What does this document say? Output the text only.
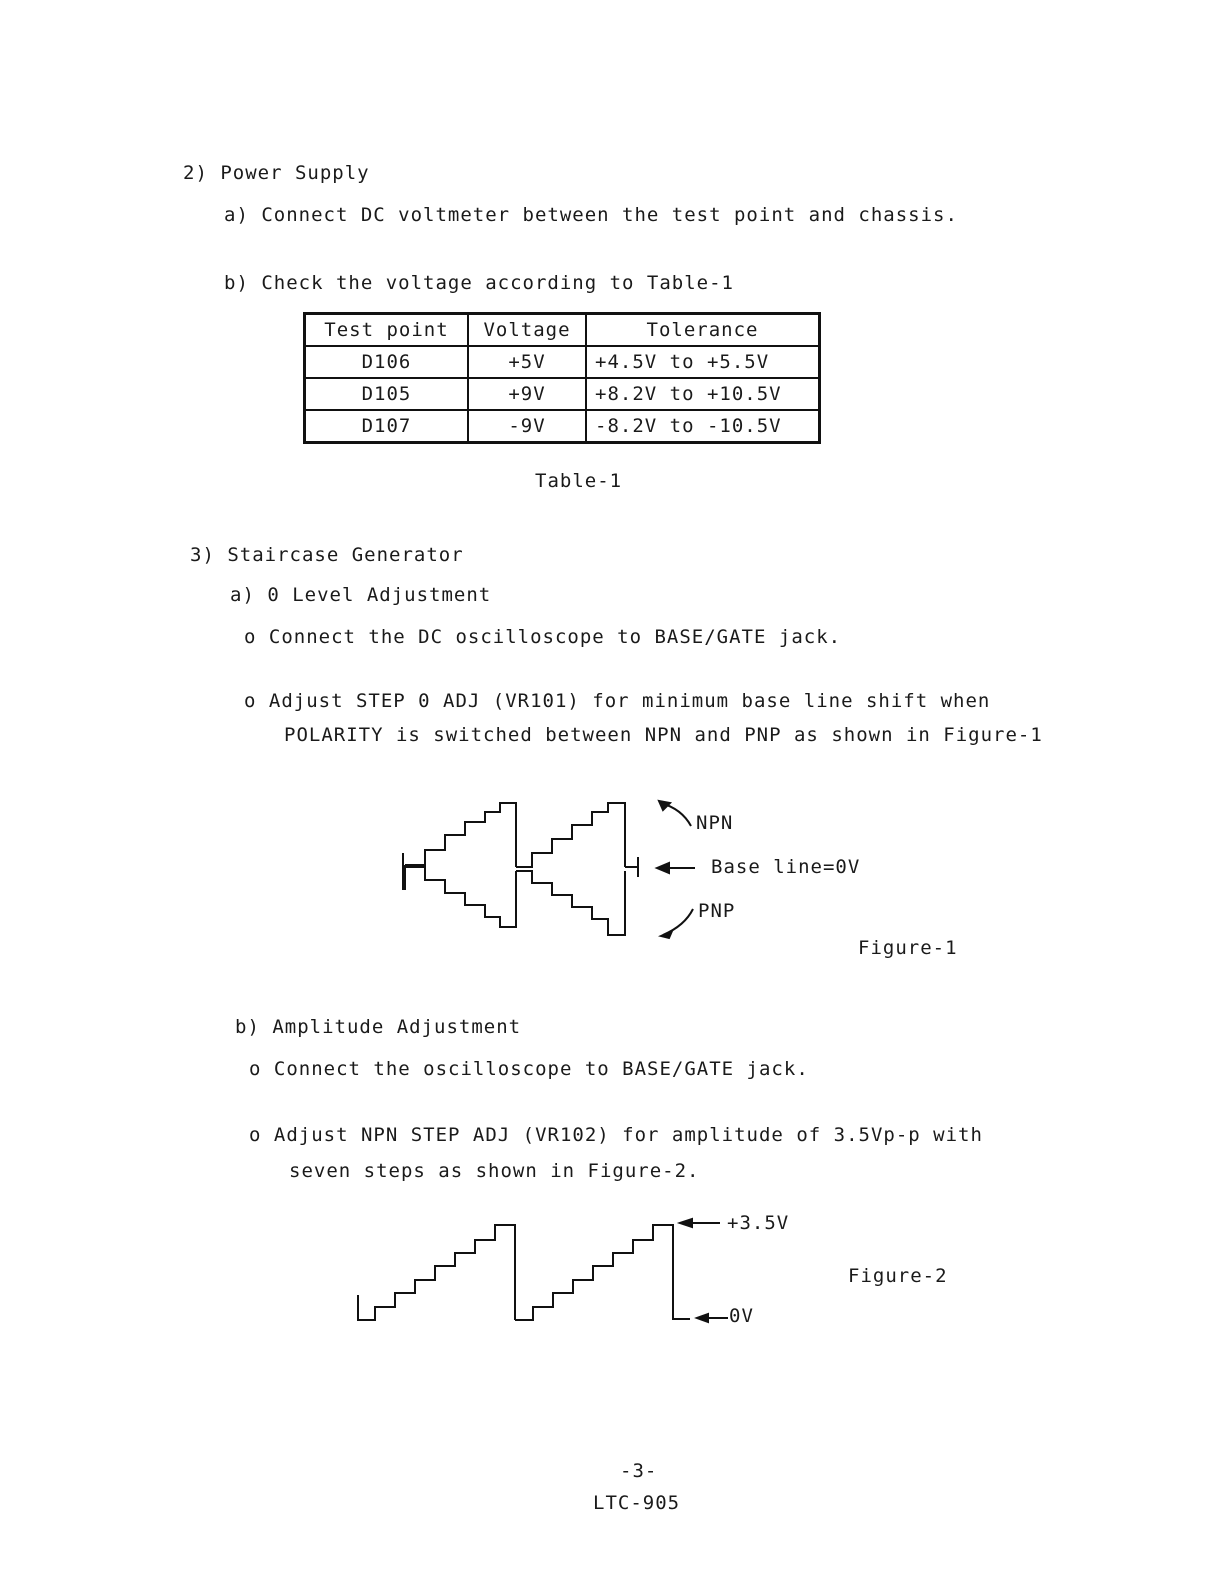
2) Power Supply
a) Connect DC voltmeter between the test point and chassis.
b) Check the voltage according to Table-1
Test point	Voltage	Tolerance
D106	+5V	+4.5V to +5.5V
D105	+9V	+8.2V to +10.5V
D107	-9V	-8.2V to -10.5V
Table-1
3) Staircase Generator
a) 0 Level Adjustment
o Connect the DC oscilloscope to BASE/GATE jack.
o Adjust STEP 0 ADJ (VR101) for minimum base line shift when
POLARITY is switched between NPN and PNP as shown in Figure-1
NPN
Base line=0V
PNP
Figure-1
b) Amplitude Adjustment
o Connect the oscilloscope to BASE/GATE jack.
o Adjust NPN STEP ADJ (VR102) for amplitude of 3.5Vp-p with
seven steps as shown in Figure-2.
+3.5V
0V
Figure-2
-3-
LTC-905
